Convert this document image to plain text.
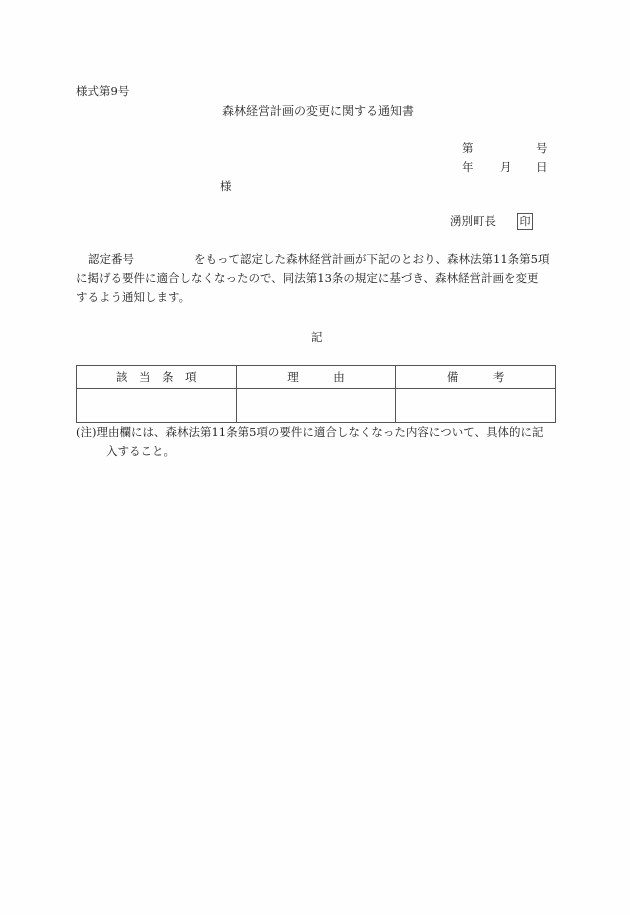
様式第9号
森林経営計画の変更に関する通知書
第	号
年 月 日
様
湧別町長 印
認定番号	をもって認定した森林経営計画が下記のとおり、森林法第11条第5項
に掲げる要件に適合しなくなったので、同法第13条の規定に基づき、森林経営計画を変更
するよう通知します。
記
該　当　条　項	理　　　由	備　　　考

(注)理由欄には、森林法第11条第5項の要件に適合しなくなった内容について、具体的に記
入すること。
